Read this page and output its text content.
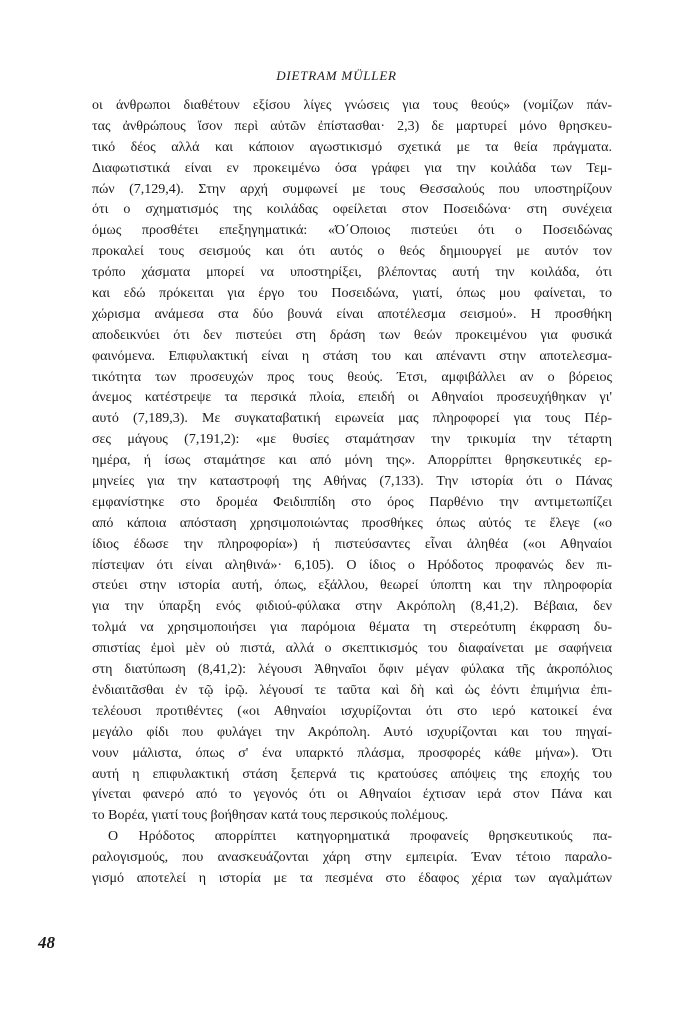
DIETRAM MÜLLER
οι άνθρωποι διαθέτουν εξίσου λίγες γνώσεις για τους θεούς» (νομίζων πάν-
τας ἀνθρώπους ἴσον περὶ αὐτῶν ἐπίστασθαι· 2,3) δε μαρτυρεί μόνο θρησκευ-
τικό δέος αλλά και κάποιον αγωστικισμό σχετικά με τα θεία πράγματα.
Διαφωτιστικά είναι εν προκειμένω όσα γράφει για την κοιλάδα των Τεμ-
πών (7,129,4). Στην αρχή συμφωνεί με τους Θεσσαλούς που υποστηρίζουν
ότι ο σχηματισμός της κοιλάδας οφείλεται στον Ποσειδώνα· στη συνέχεια
όμως προσθέτει επεξηγηματικά: «Ό΄Οποιος πιστεύει ότι ο Ποσειδώνας
προκαλεί τους σεισμούς και ότι αυτός ο θεός δημιουργεί με αυτόν τον
τρόπο χάσματα μπορεί να υποστηρίξει, βλέποντας αυτή την κοιλάδα, ότι
και εδώ πρόκειται για έργο του Ποσειδώνα, γιατί, όπως μου φαίνεται, το
χώρισμα ανάμεσα στα δύο βουνά είναι αποτέλεσμα σεισμού». Η προσθήκη
αποδεικνύει ότι δεν πιστεύει στη δράση των θεών προκειμένου για φυσικά
φαινόμενα. Επιφυλακτική είναι η στάση του και απέναντι στην αποτελεσμα-
τικότητα των προσευχών προς τους θεούς. Έτσι, αμφιβάλλει αν ο βόρειος
άνεμος κατέστρεψε τα περσικά πλοία, επειδή οι Αθηναίοι προσευχήθηκαν γι'
αυτό (7,189,3). Με συγκαταβατική ειρωνεία μας πληροφορεί για τους Πέρ-
σες μάγους (7,191,2): «με θυσίες σταμάτησαν την τρικυμία την τέταρτη
ημέρα, ή ίσως σταμάτησε και από μόνη της». Απορρίπτει θρησκευτικές ερ-
μηνείες για την καταστροφή της Αθήνας (7,133). Την ιστορία ότι ο Πάνας
εμφανίστηκε στο δρομέα Φειδιππίδη στο όρος Παρθένιο την αντιμετωπίζει
από κάποια απόσταση χρησιμοποιώντας προσθήκες όπως αὐτός τε ἔλεγε («ο
ίδιος έδωσε την πληροφορία») ή πιστεύσαντες εἶναι ἀληθέα («οι Αθηναίοι
πίστεψαν ότι είναι αληθινά»· 6,105). Ο ίδιος ο Ηρόδοτος προφανώς δεν πι-
στεύει στην ιστορία αυτή, όπως, εξάλλου, θεωρεί ύποπτη και την πληροφορία
για την ύπαρξη ενός φιδιού-φύλακα στην Ακρόπολη (8,41,2). Βέβαια, δεν
τολμά να χρησιμοποιήσει για παρόμοια θέματα τη στερεότυπη έκφραση δυ-
σπιστίας ἐμοὶ μὲν οὐ πιστά, αλλά ο σκεπτικισμός του διαφαίνεται με σαφήνεια
στη διατύπωση (8,41,2): λέγουσι Ἀθηναῖοι ὄφιν μέγαν φύλακα τῆς ἀκροπόλιος
ἐνδιαιτᾶσθαι ἐν τῷ ἱρῷ. λέγουσί τε ταῦτα καὶ δὴ καὶ ὡς ἐόντι ἐπιμήνια ἐπι-
τελέουσι προτιθέντες («οι Αθηναίοι ισχυρίζονται ότι στο ιερό κατοικεί ένα
μεγάλο φίδι που φυλάγει την Ακρόπολη. Αυτό ισχυρίζονται και του πηγαί-
νουν μάλιστα, όπως σ' ένα υπαρκτό πλάσμα, προσφορές κάθε μήνα»). Ότι
αυτή η επιφυλακτική στάση ξεπερνά τις κρατούσες απόψεις της εποχής του
γίνεται φανερό από το γεγονός ότι οι Αθηναίοι έχτισαν ιερά στον Πάνα και
το Βορέα, γιατί τους βοήθησαν κατά τους περσικούς πολέμους.
Ο Ηρόδοτος απορρίπτει κατηγορηματικά προφανείς θρησκευτικούς πα-
ραλογισμούς, που ανασκευάζονται χάρη στην εμπειρία. Έναν τέτοιο παραλο-
γισμό αποτελεί η ιστορία με τα πεσμένα στο έδαφος χέρια των αγαλμάτων
48
